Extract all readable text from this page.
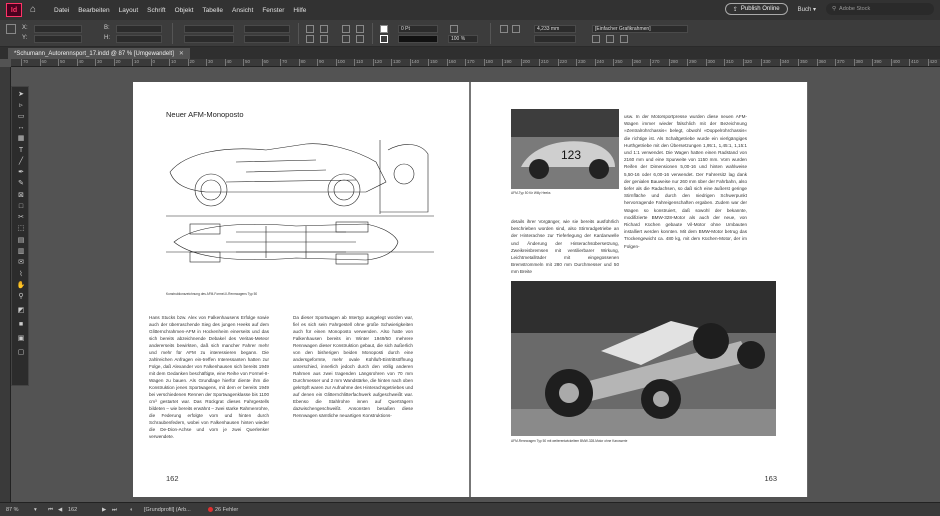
Id	⌂	Datei Bearbeiten Layout Schrift Objekt Tabelle Ansicht Fenster Hilfe	⇪ Publish Online	Buch ▾	⚲ Adobe Stock
X:
Y:
B:
H:
0 Pt
100 %
4,233 mm	[Einfacher Grafikrahmen]
*Schumann_Autorennsport_17.indd @ 87 % [Umgewandelt] ✕
70	60	50	40	30	20	10	0	10	20	30	40	50	60	70	80	90	100	110	120	130	140	150	160	170	180	190	200	210	220	230	240	250	260	270	280	290	300	310	320	330	340	350	360	370	380	390	400	410	420
➤
▹
▭
↔
▦
T
╱
✒
✎
⊠
□
✂
⬚
▤
▥
✉
⌇
✋
⚲
◩
■
▣
▢
Neuer AFM-Monoposto
Konstruktionszeichnung des AFM-Formel-II-Rennwagens Typ 50
Hans Stucks bzw. Alex von Falkenhausens Erfolge sowie auch der überraschende Sieg des jungen Heeks auf dem Glitternchrahmen-AFM in Hockenheim einerseits und das sich bereits abzeichnende Debakel des Veritas-Meteor andererseits bewirkten, daß sich mancher Fahrer mehr und mehr für AFM zu interessieren begann. Die zahlreichen Anfragen ein-treffen Interessanten hatten zur Folge, daß Alexander von Falkenhausen sich bereits 1949 mit dem Gedanken beschäftigte, eine Reihe von Formel-II-Wagen zu bauen. Als Grundlage hierfür diente ihm die Konstruktion jenes Sportwagens, mit dem er bereits 1949 bei verschiedenen Rennen der Sportwagenklasse bis 1100 cm³ gestartet war. Das Rückgrat dieses Fahrgestells bildeten – wie bereits erwähnt – zwei starke Rahmenrohre, die Federung erfolgte vorn und hinten durch Schraubenfedern, wobei von Falkenhausen hinten wieder die De-Dion-Achse und vorn je zwei Querlenker verwendete.
Da dieser Sportwagen ab Intertyp ausgelegt worden war, fiel es sich sein Fahrgestell ohne große Schwierigkeiten auch für einen Monoposto verwenden. Also hatte von Falkenhausen bereits im Winter 1949/50 mehrere Rennwagen dieser Konstruktion gebaut, die sich äußerlich von den bisherigen beiden Monoposti durch eine andersgeformte, mehr ovale Kühlluft-Eintrittsöffnung unterschied, innerlich jedoch durch den völlig anderen Rahmen aus zwei tragenden Längsrohren von 70 mm Durchmesser und 2 mm Wandstärke, die hinten nach oben gekröpft waren zur Aufnahme des Hinterachsgetriebes und auf denen ein Glitternchlitterfachwerk aufgeschweißt war. Ebenso die Stahlrohre innen auf Querträgern dazwischengeschweißt. Ansonsten besaßen diese Rennwagen sämtliche neuartigen Konstruktions-
162
123
AFM-Typ 50 für Willy Heeks
details ihrer Vorgänger, wie sie bereits ausführlich beschrieben worden sind, also Stirnradgetriebe an der Hinterachse zur Tieferlegung der Kardanwelle und Änderung der Hinterachsübersetzung, Zweikreisbremsen mit ventilierbarer Wirkung, Leichtmetallräder mit eingegossenen Bremstrommeln mit 280 mm Durchmesser und 50 mm Breite
usw. In der Motorsportpresse wurden diese neuen AFM-Wagen immer wieder fälschlich mit der Bezeichnung »Zentralrohrchassis« belegt, obwohl »Doppelrohrchassis« die richtige ist. Als Schaltgetriebe wurde ein vierlgängiges Hurthgetriebe mit den Übersetzungen 1,95:1, 1,45:1, 1,15:1 und 1:1 verwendet. Die Wagen hatten einen Radstand von 2160 mm und eine Spurweite von 1150 mm. Vorn wurden Reifen der Dimensionen 5,00-16 und hinten wahlweise 5,50-16 oder 6,00-16 verwendet. Der Fahrersitz lag dank der genialen Bauweise nur 260 mm über der Fahrbahn, also tiefer als die Radachsen, so daß sich eine äußerst geringe Stirnfläche und durch den niedrigen Schwerpunkt hervorragende Fahreigenschaften ergaben. Zudem war der Wagen so konstruiert, daß sowohl der bekannte, modifizierte BMW-328-Motor als auch der neue, von Richard Küchen gebaute Vil-Motor ohne Umbauten installiert werden konnten. Mit dem BMW-Motor betrug das Trockengewicht ca. 480 kg, mit dem Küchen-Motor, der im Folgen-
AFM-Rennwagen Typ 50 mit weiterentwickeltem BMW-328-Motor ohne Karosserie
163
87 %	▾ ⏮ ◀ 162	▶ ⏭ ◐ [Grundprofil] (Arb...	26 Fehler
